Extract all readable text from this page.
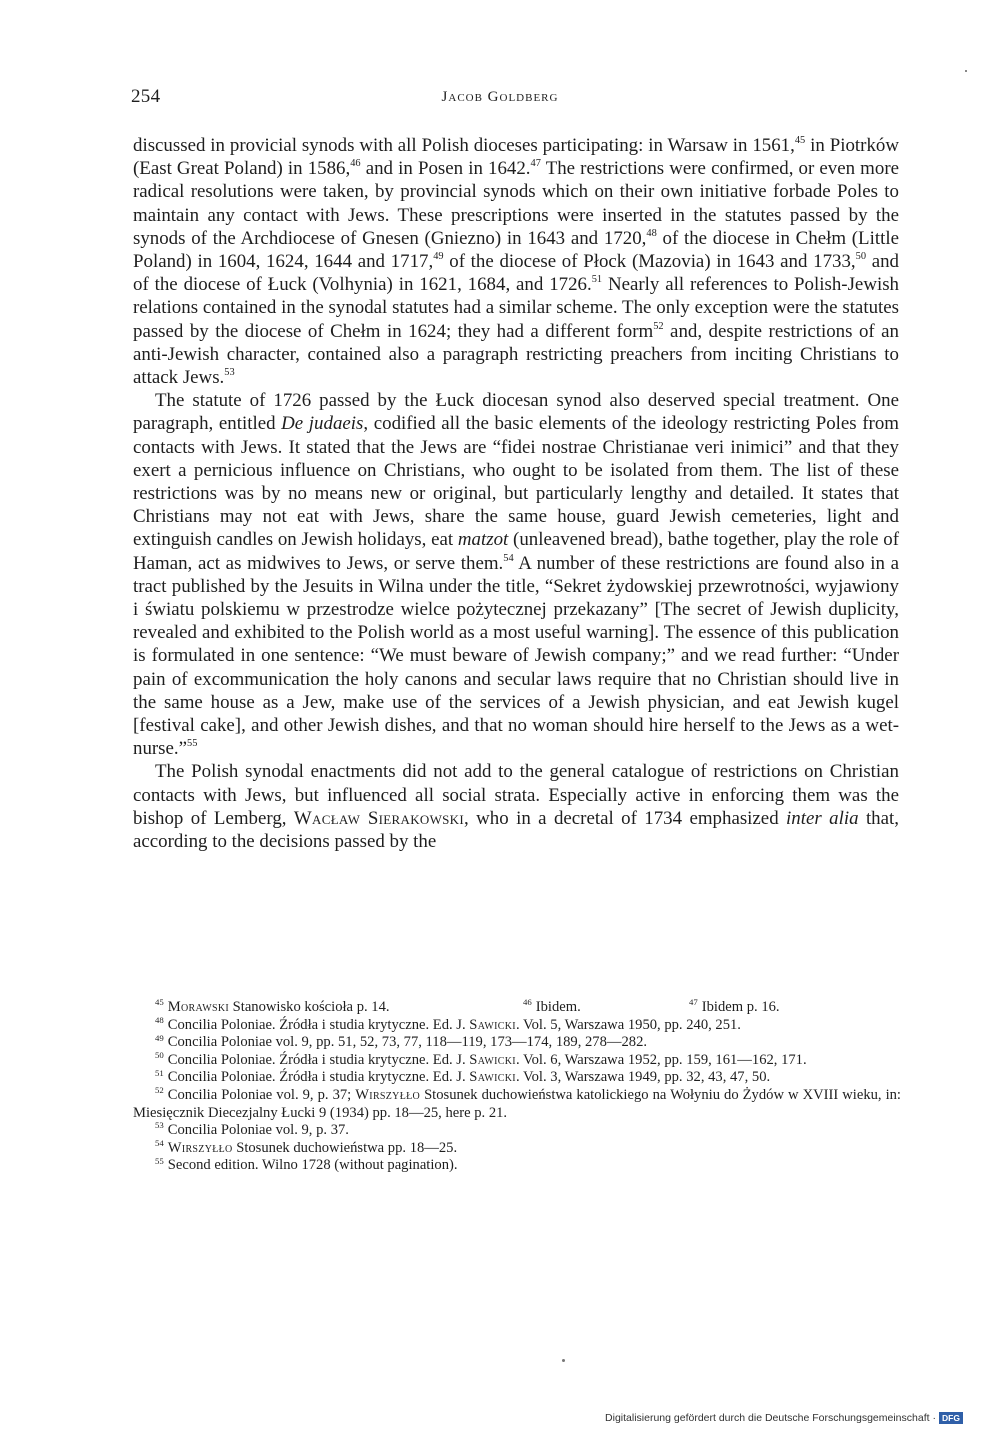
254	Jacob Goldberg

discussed in provicial synods with all Polish dioceses participating: in Warsaw in 1561,45 in Piotrków (East Great Poland) in 1586,46 and in Posen in 1642.47 The restrictions were confirmed, or even more radical resolutions were taken, by provincial synods which on their own initiative forbade Poles to maintain any contact with Jews. These prescriptions were inserted in the statutes passed by the synods of the Archdiocese of Gnesen (Gniezno) in 1643 and 1720,48 of the diocese in Chełm (Little Poland) in 1604, 1624, 1644 and 1717,49 of the diocese of Płock (Mazovia) in 1643 and 1733,50 and of the diocese of Łuck (Volhynia) in 1621, 1684, and 1726.51 Nearly all references to Polish-Jewish relations contained in the synodal statutes had a similar scheme. The only exception were the statutes passed by the diocese of Chełm in 1624; they had a different form$^{52}$ and, despite restrictions of an anti-Jewish character, contained also a paragraph restricting preachers from inciting Christians to attack Jews.$^{53}$

The statute of 1726 passed by the Łuck diocesan synod also deserved special treatment. One paragraph, entitled De judaeis, codified all the basic elements of the ideology restricting Poles from contacts with Jews. It stated that the Jews are “fidei nostrae Christianae veri inimici” and that they exert a pernicious influence on Christians, who ought to be isolated from them. The list of these restrictions was by no means new or original, but particularly lengthy and detailed. It states that Christians may not eat with Jews, share the same house, guard Jewish cemeteries, light and extinguish candles on Jewish holidays, eat matzot (unleavened bread), bathe together, play the role of Haman, act as midwives to Jews, or serve them.$^{54}$ A number of these restrictions are found also in a tract published by the Jesuits in Wilna under the title, “Sekret żydowskiej przewrotności, wyjawiony i światu polskiemu w przestrodze wielce pożytecznej przekazany” [The secret of Jewish duplicity, revealed and exhibited to the Polish world as a most useful warning]. The essence of this publication is formulated in one sentence: “We must beware of Jewish company;” and we read further: “Under pain of excommunication the holy canons and secular laws require that no Christian should live in the same house as a Jew, make use of the services of a Jewish physician, and eat Jewish kugel [festival cake], and other Jewish dishes, and that no woman should hire herself to the Jews as a wet-nurse.”$^{55}$

The Polish synodal enactments did not add to the general catalogue of restrictions on Christian contacts with Jews, but influenced all social strata. Especially active in enforcing them was the bishop of Lemberg, Wacław Sierakowski, who in a decretal of 1734 emphasized inter alia that, according to the decisions passed by the

$^{45}$ Morawski Stanowisko kościoła p. 14.	$^{46}$ Ibidem.	$^{47}$ Ibidem p. 16.

$^{48}$ Concilia Poloniae. Źródła i studia krytyczne. Ed. J. Sawicki. Vol. 5, Warszawa 1950, pp. 240, 251.

$^{49}$ Concilia Poloniae vol. 9, pp. 51, 52, 73, 77, 118—119, 173—174, 189, 278—282.

$^{50}$ Concilia Poloniae. Źródła i studia krytyczne. Ed. J. Sawicki. Vol. 6, Warszawa 1952, pp. 159, 161—162, 171.

$^{51}$ Concilia Poloniae. Źródła i studia krytyczne. Ed. J. Sawicki. Vol. 3, Warszawa 1949, pp. 32, 43, 47, 50.

$^{52}$ Concilia Poloniae vol. 9, p. 37; Wirszyłło Stosunek duchowieństwa katolickiego na Wołyniu do Żydów w XVIII wieku, in: Miesięcznik Diecezjalny Łucki 9 (1934) pp. 18—25, here p. 21.

$^{53}$ Concilia Poloniae vol. 9, p. 37.

$^{54}$ Wirszyłło Stosunek duchowieństwa pp. 18—25.

$^{55}$ Second edition. Wilno 1728 (without pagination).

Digitalisierung gefördert durch die Deutsche Forschungsgemeinschaft · DFG
